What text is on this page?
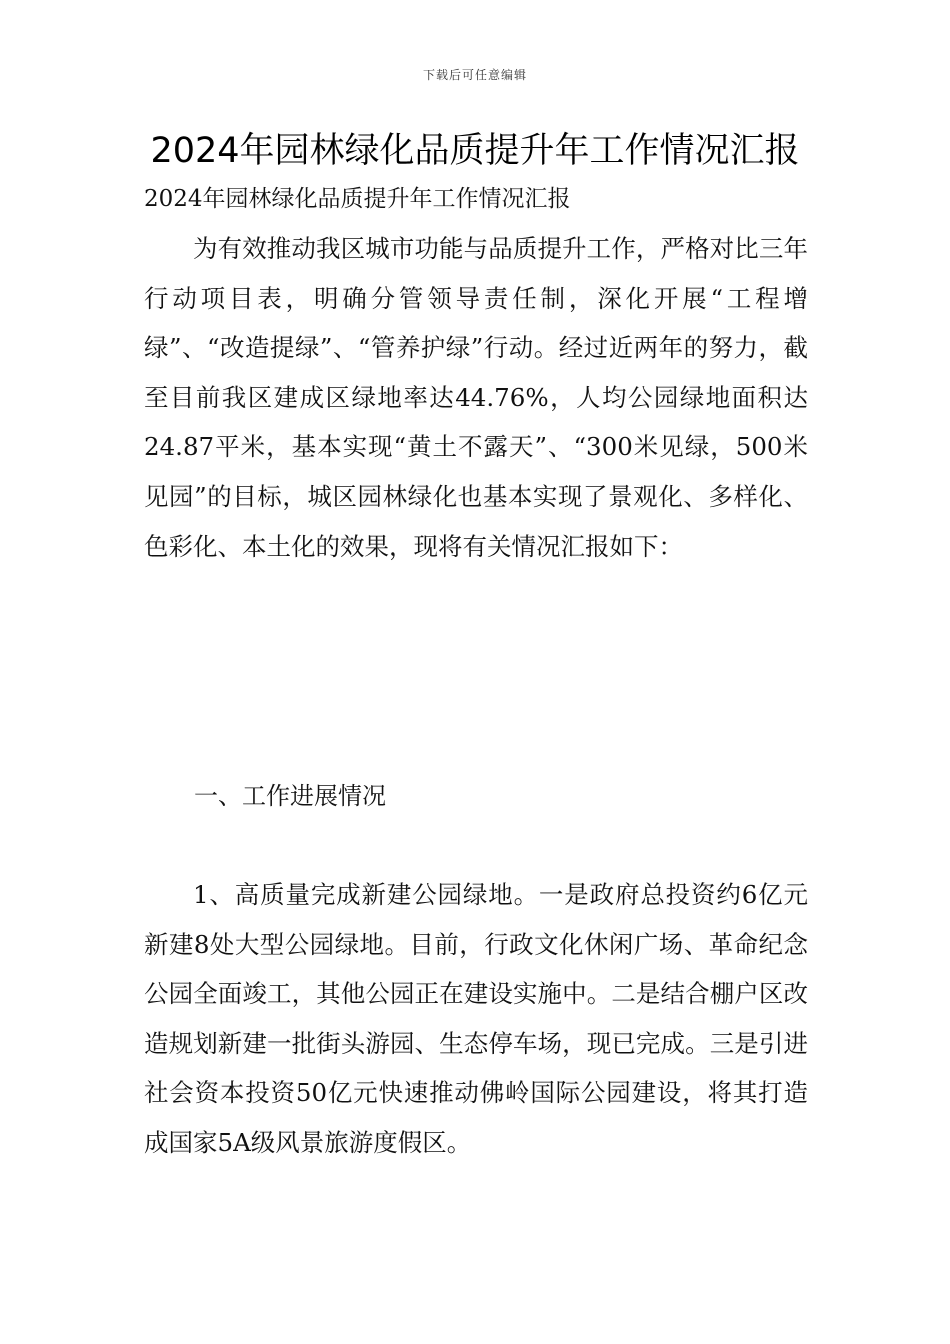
下载后可任意编辑
2024年园林绿化品质提升年工作情况汇报
2024年园林绿化品质提升年工作情况汇报

为有效推动我区城市功能与品质提升工作，严格对比三年行动项目表，明确分管领导责任制，深化开展“工程增绿”、“改造提绿”、“管养护绿”行动。经过近两年的努力，截至目前我区建成区绿地率达44.76%，人均公园绿地面积达24.87平米，基本实现“黄土不露天”、“300米见绿，500米见园”的目标，城区园林绿化也基本实现了景观化、多样化、色彩化、本土化的效果，现将有关情况汇报如下：

一、工作进展情况

1、高质量完成新建公园绿地。一是政府总投资约6亿元新建8处大型公园绿地。目前，行政文化休闲广场、革命纪念公园全面竣工，其他公园正在建设实施中。二是结合棚户区改造规划新建一批街头游园、生态停车场，现已完成。三是引进社会资本投资50亿元快速推动佛岭国际公园建设，将其打造成国家5A级风景旅游度假区。
